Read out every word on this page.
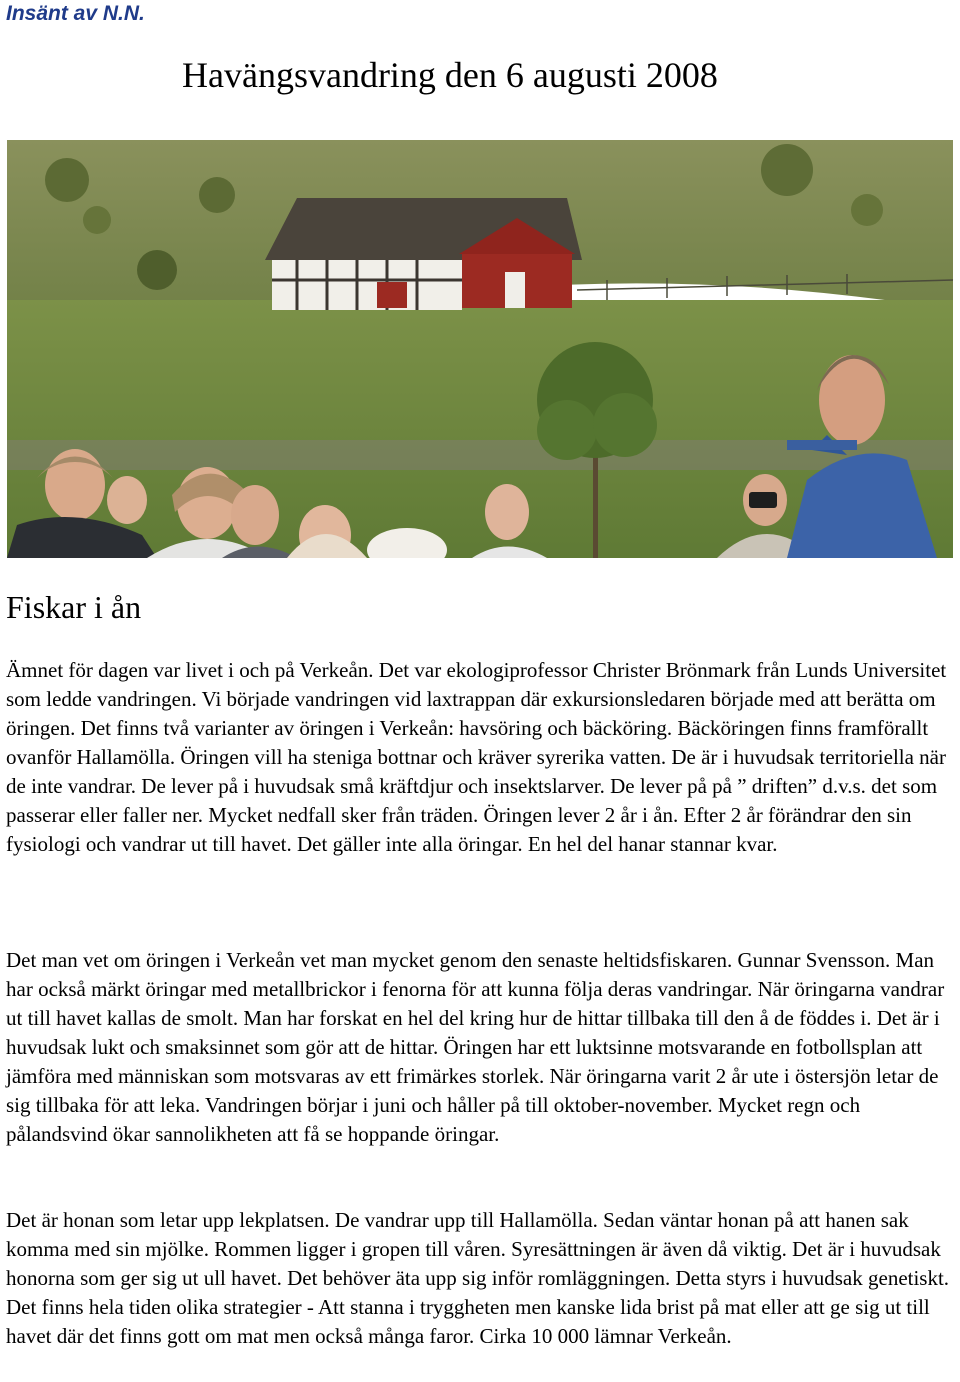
Insänt av N.N.
Havängsvandring den 6 augusti 2008
Fiskar i ån

Ämnet för dagen var livet i och på Verkeån. Det var ekologiprofessor Christer Brönmark från Lunds Universitet som ledde vandringen. Vi började vandringen vid laxtrappan där exkursionsledaren började med att berätta om öringen. Det finns två varianter av öringen i Verkeån: havsöring och bäcköring. Bäcköringen finns framförallt ovanför Hallamölla. Öringen vill ha steniga bottnar och kräver syrerika vatten. De är i huvudsak territoriella när de inte vandrar. De lever på i huvudsak små kräftdjur och insektslarver. De lever på på ” driften” d.v.s. det som passerar eller faller ner. Mycket nedfall sker från träden. Öringen lever 2 år i ån. Efter 2 år förändrar den sin fysiologi och vandrar ut till havet. Det gäller inte alla öringar. En hel del hanar stannar kvar.

Det man vet om öringen i Verkeån vet man mycket genom den senaste heltidsfiskaren. Gunnar Svensson. Man har också märkt öringar med metallbrickor i fenorna för att kunna följa deras vandringar. När öringarna vandrar ut till havet kallas de smolt. Man har forskat en hel del kring hur de hittar tillbaka till den å de föddes i. Det är i huvudsak lukt och smaksinnet som gör att de hittar. Öringen har ett luktsinne motsvarande en fotbollsplan att jämföra med människan som motsvaras av ett frimärkes storlek. När öringarna varit 2 år ute i östersjön letar de sig tillbaka för att leka. Vandringen börjar i juni och håller på till oktober-november. Mycket regn och pålandsvind ökar sannolikheten att få se hoppande öringar.

Det är honan som letar upp lekplatsen. De vandrar upp till Hallamölla. Sedan väntar honan på att hanen sak komma med sin mjölke. Rommen ligger i gropen till våren. Syresättningen är även då viktig. Det är i huvudsak honorna som ger sig ut ull havet. Det behöver äta upp sig inför romläggningen. Detta styrs i huvudsak genetiskt. Det finns hela tiden olika strategier - Att stanna i tryggheten men kanske lida brist på mat eller att ge sig ut till havet där det finns gott om mat men också många faror. Cirka 10 000 lämnar Verkeån.
